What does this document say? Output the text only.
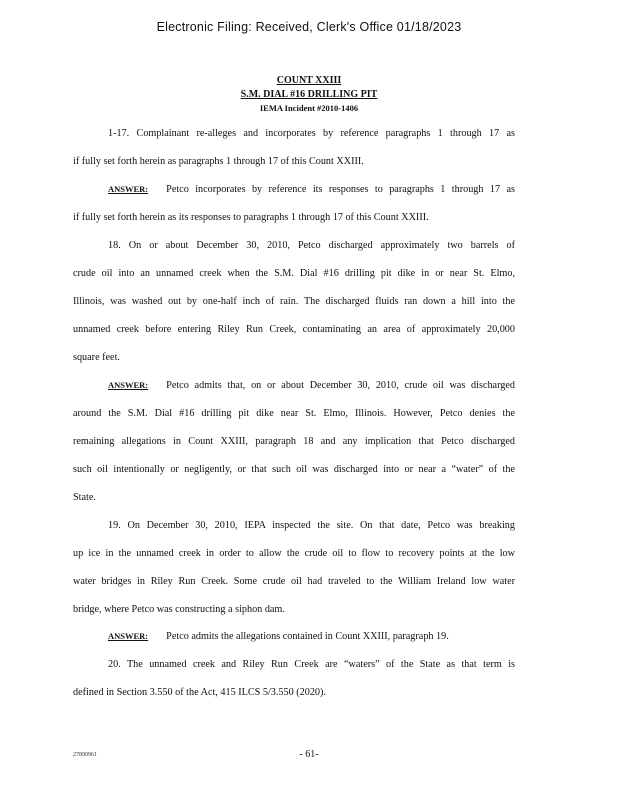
Electronic Filing: Received, Clerk's Office 01/18/2023
COUNT XXIII
S.M. DIAL #16 DRILLING PIT
IEMA Incident #2010-1406
1-17. Complainant re-alleges and incorporates by reference paragraphs 1 through 17 as
if fully set forth herein as paragraphs 1 through 17 of this Count XXIII.
ANSWER: Petco incorporates by reference its responses to paragraphs 1 through 17 as
if fully set forth herein as its responses to paragraphs 1 through 17 of this Count XXIII.
18. On or about December 30, 2010, Petco discharged approximately two barrels of
crude oil into an unnamed creek when the S.M. Dial #16 drilling pit dike in or near St. Elmo,
Illinois, was washed out by one-half inch of rain. The discharged fluids ran down a hill into the
unnamed creek before entering Riley Run Creek, contaminating an area of approximately 20,000
square feet.
ANSWER: Petco admits that, on or about December 30, 2010, crude oil was discharged
around the S.M. Dial #16 drilling pit dike near St. Elmo, Illinois. However, Petco denies the
remaining allegations in Count XXIII, paragraph 18 and any implication that Petco discharged
such oil intentionally or negligently, or that such oil was discharged into or near a “water” of the
State.
19. On December 30, 2010, IEPA inspected the site. On that date, Petco was breaking
up ice in the unnamed creek in order to allow the crude oil to flow to recovery points at the low
water bridges in Riley Run Creek. Some crude oil had traveled to the William Ireland low water
bridge, where Petco was constructing a siphon dam.
ANSWER: Petco admits the allegations contained in Count XXIII, paragraph 19.
20. The unnamed creek and Riley Run Creek are “waters” of the State as that term is
defined in Section 3.550 of the Act, 415 ILCS 5/3.550 (2020).
27890961	- 61-
